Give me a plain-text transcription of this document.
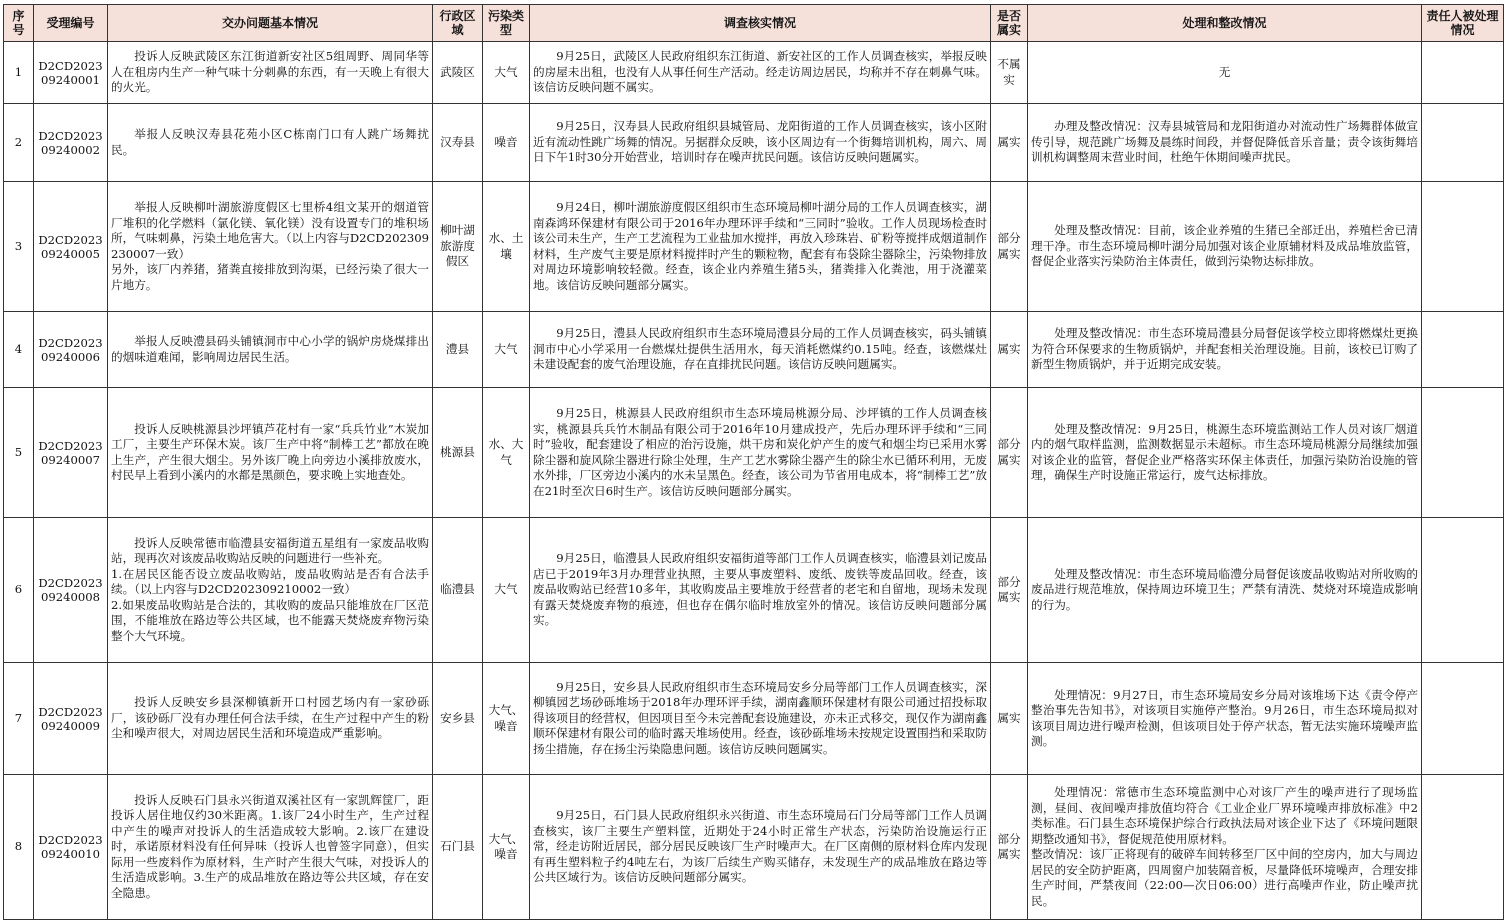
序号	受理编号	交办问题基本情况	行政区域	污染类型	调查核实情况	是否属实	处理和整改情况	责任人被处理情况
1	D2CD202309240001	投诉人反映武陵区东江街道新安社区5组周野、周同华等人在租房内生产一种气味十分刺鼻的东西，有一天晚上有很大的火光。	武陵区	大气	9月25日，武陵区人民政府组织东江街道、新安社区的工作人员调查核实，举报反映的房屋未出租，也没有人从事任何生产活动。经走访周边居民，均称并不存在刺鼻气味。该信访反映问题不属实。	不属实	无	
2	D2CD202309240002	举报人反映汉寿县花苑小区C栋南门口有人跳广场舞扰民。	汉寿县	噪音	9月25日，汉寿县人民政府组织县城管局、龙阳街道的工作人员调查核实，该小区附近有流动性跳广场舞的情况。另据群众反映，该小区周边有一个街舞培训机构，周六、周日下午1时30分开始营业，培训时存在噪声扰民问题。该信访反映问题属实。	属实	办理及整改情况：汉寿县城管局和龙阳街道办对流动性广场舞群体做宣传引导，规范跳广场舞及晨练时间段，并督促降低音乐音量；责令该街舞培训机构调整周末营业时间，杜绝午休期间噪声扰民。	
3	D2CD202309240005	举报人反映柳叶湖旅游度假区七里桥4组文某开的烟道管厂堆积的化学燃料（氯化镁、氧化镁）没有设置专门的堆积场所，气味刺鼻，污染土地危害大。（以上内容与D2CD202309230007一致）
另外，该厂内养猪，猪粪直接排放到沟渠，已经污染了很大一片地方。	柳叶湖旅游度假区	水、土壤	9月24日，柳叶湖旅游度假区组织市生态环境局柳叶湖分局的工作人员调查核实，湖南森鸿环保建材有限公司于2016年办理环评手续和“三同时”验收。工作人员现场检查时该公司未生产，生产工艺流程为工业盐加水搅拌，再放入珍珠岩、矿粉等搅拌成烟道制作材料，生产废气主要是原材料搅拌时产生的颗粒物，配套有布袋除尘器除尘，污染物排放对周边环境影响较轻微。经查，该企业内养殖生猪5头，猪粪排入化粪池，用于浇灌菜地。该信访反映问题部分属实。	部分属实	处理及整改情况：目前，该企业养殖的生猪已全部迁出，养殖栏舍已清理干净。市生态环境局柳叶湖分局加强对该企业原辅材料及成品堆放监管，督促企业落实污染防治主体责任，做到污染物达标排放。	
4	D2CD202309240006	举报人反映澧县码头铺镇洞市中心小学的锅炉房烧煤排出的烟味道难闻，影响周边居民生活。	澧县	大气	9月25日，澧县人民政府组织市生态环境局澧县分局的工作人员调查核实，码头铺镇洞市中心小学采用一台燃煤灶提供生活用水，每天消耗燃煤约0.15吨。经查，该燃煤灶未建设配套的废气治理设施，存在直排扰民问题。该信访反映问题属实。	属实	处理及整改情况：市生态环境局澧县分局督促该学校立即将燃煤灶更换为符合环保要求的生物质锅炉，并配套相关治理设施。目前，该校已订购了新型生物质锅炉，并于近期完成安装。	
5	D2CD202309240007	投诉人反映桃源县沙坪镇芦花村有一家“兵兵竹业”木炭加工厂，主要生产环保木炭。该厂生产中将“制棒工艺”都放在晚上生产，产生很大烟尘。另外该厂晚上向旁边小溪排放废水，村民早上看到小溪内的水都是黑颜色，要求晚上实地查处。	桃源县	水、大气	9月25日，桃源县人民政府组织市生态环境局桃源分局、沙坪镇的工作人员调查核实，桃源县兵兵竹木制品有限公司于2016年10月建成投产，先后办理环评手续和“三同时”验收，配套建设了相应的治污设施，烘干房和炭化炉产生的废气和烟尘均已采用水雾除尘器和旋风除尘器进行除尘处理，生产工艺水雾除尘器产生的除尘水已循环利用，无废水外排，厂区旁边小溪内的水未呈黑色。经查，该公司为节省用电成本，将“制棒工艺”放在21时至次日6时生产。该信访反映问题部分属实。	部分属实	处理及整改情况：9月25日，桃源生态环境监测站工作人员对该厂烟道内的烟气取样监测，监测数据显示未超标。市生态环境局桃源分局继续加强对该企业的监管，督促企业严格落实环保主体责任，加强污染防治设施的管理，确保生产时设施正常运行，废气达标排放。	
6	D2CD202309240008	投诉人反映常德市临澧县安福街道五星组有一家废品收购站，现再次对该废品收购站反映的问题进行一些补充。
1.在居民区能否设立废品收购站，废品收购站是否有合法手续。（以上内容与D2CD202309210002一致）
2.如果废品收购站是合法的，其收购的废品只能堆放在厂区范围，不能堆放在路边等公共区域，也不能露天焚烧废弃物污染整个大气环境。	临澧县	大气	9月25日，临澧县人民政府组织安福街道等部门工作人员调查核实，临澧县刘记废品店已于2019年3月办理营业执照，主要从事废塑料、废纸、废铁等废品回收。经查，该废品收购站已经营10多年，其收购废品主要堆放于经营者的老宅和自留地，现场未发现有露天焚烧废弃物的痕迹，但也存在偶尔临时堆放室外的情况。该信访反映问题部分属实。	部分属实	处理及整改情况：市生态环境局临澧分局督促该废品收购站对所收购的废品进行规范堆放，保持周边环境卫生；严禁有清洗、焚烧对环境造成影响的行为。	
7	D2CD202309240009	投诉人反映安乡县深柳镇新开口村园艺场内有一家砂砾厂，该砂砾厂没有办理任何合法手续，在生产过程中产生的粉尘和噪声很大，对周边居民生活和环境造成严重影响。	安乡县	大气、噪音	9月25日，安乡县人民政府组织市生态环境局安乡分局等部门工作人员调查核实，深柳镇园艺场砂砾堆场于2018年办理环评手续，湖南鑫顺环保建材有限公司通过招投标取得该项目的经营权，但因项目至今未完善配套设施建设，亦未正式移交，现仅作为湖南鑫顺环保建材有限公司的临时露天堆场使用。经查，该砂砾堆场未按规定设置围挡和采取防扬尘措施，存在扬尘污染隐患问题。该信访反映问题属实。	属实	处理情况：9月27日，市生态环境局安乡分局对该堆场下达《责令停产整治事先告知书》，对该项目实施停产整治。9月26日，市生态环境局拟对该项目周边进行噪声检测，但该项目处于停产状态，暂无法实施环境噪声监测。	
8	D2CD202309240010	投诉人反映石门县永兴街道双溪社区有一家凯辉筐厂，距投诉人居住地仅约30米距离。1.该厂24小时生产，生产过程中产生的噪声对投诉人的生活造成较大影响。2.该厂在建设时，承诺原材料没有任何异味（投诉人也曾签字同意），但实际用一些废料作为原材料，生产时产生很大气味，对投诉人的生活造成影响。3.生产的成品堆放在路边等公共区域，存在安全隐患。	石门县	大气、噪音	9月25日，石门县人民政府组织永兴街道、市生态环境局石门分局等部门工作人员调查核实，该厂主要生产塑料筐，近期处于24小时正常生产状态，污染防治设施运行正常，经走访附近居民，部分居民反映该厂生产时噪声大。在厂区南侧的原材料仓库内发现有再生塑料粒子约4吨左右，为该厂后续生产购买储存，未发现生产的成品堆放在路边等公共区域行为。该信访反映问题部分属实。	部分属实	处理情况：常德市生态环境监测中心对该厂产生的噪声进行了现场监测，昼间、夜间噪声排放值均符合《工业企业厂界环境噪声排放标准》中2类标准。石门县生态环境保护综合行政执法局对该企业下达了《环境问题限期整改通知书》，督促规范使用原材料。
整改情况：该厂正将现有的破碎车间转移至厂区中间的空房内，加大与周边居民的安全防护距离，四周窗户加装隔音板，尽量降低环境噪声，合理安排生产时间，严禁夜间（22:00—次日06:00）进行高噪声作业，防止噪声扰民。	
